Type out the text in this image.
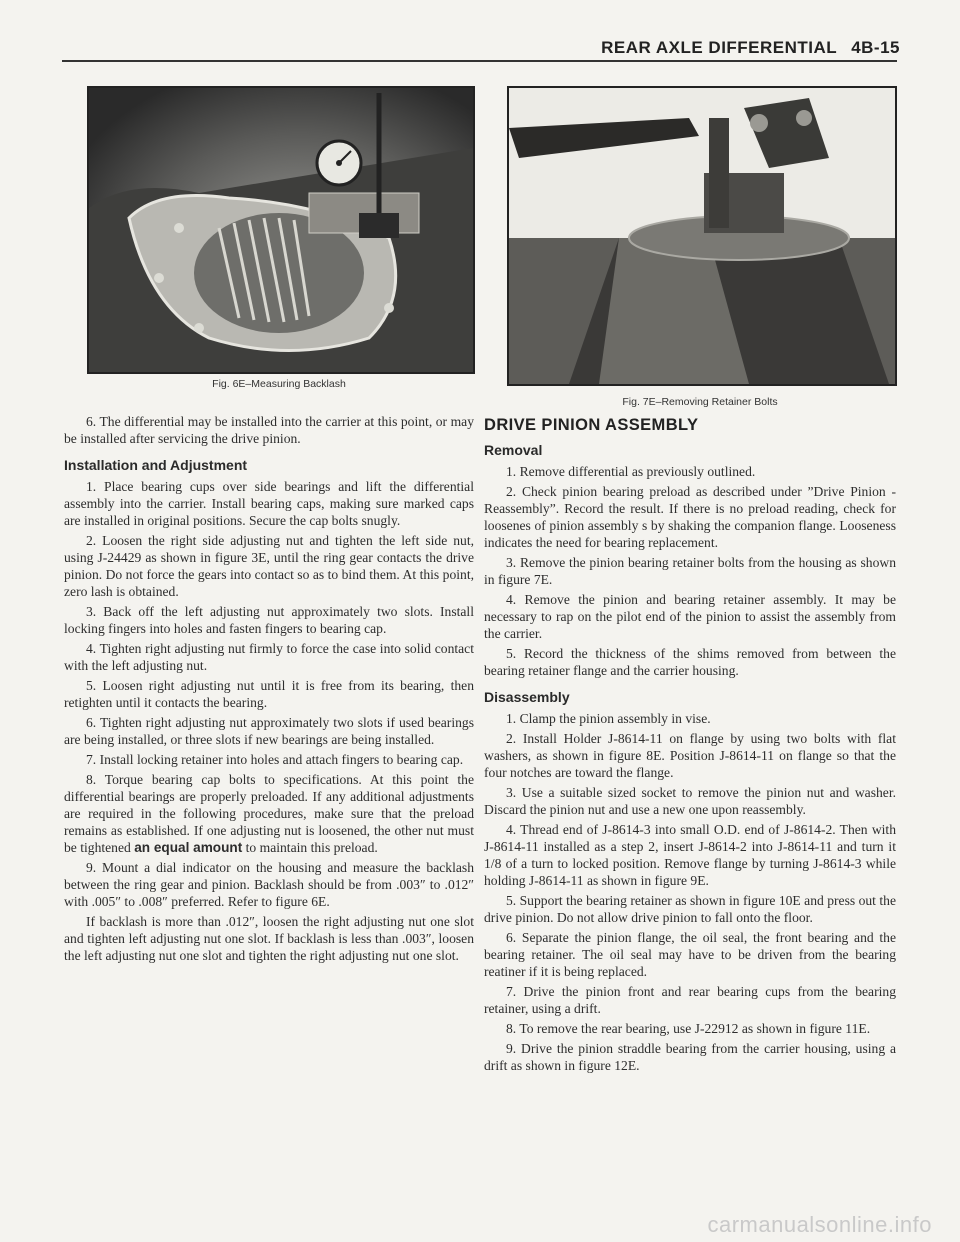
REAR AXLE DIFFERENTIAL 4B-15
Fig. 6E–Measuring Backlash
Fig. 7E–Removing Retainer Bolts

6. The differential may be installed into the carrier at this point, or may be installed after servicing the drive pinion.

Installation and Adjustment

1. Place bearing cups over side bearings and lift the differential assembly into the carrier. Install bearing caps, making sure marked caps are installed in original positions. Secure the cap bolts snugly.

2. Loosen the right side adjusting nut and tighten the left side nut, using J-24429 as shown in figure 3E, until the ring gear contacts the drive pinion. Do not force the gears into contact so as to bind them. At this point, zero lash is obtained.

3. Back off the left adjusting nut approximately two slots. Install locking fingers into holes and fasten fingers to bearing cap.

4. Tighten right adjusting nut firmly to force the case into solid contact with the left adjusting nut.

5. Loosen right adjusting nut until it is free from its bearing, then retighten until it contacts the bearing.

6. Tighten right adjusting nut approximately two slots if used bearings are being installed, or three slots if new bearings are being installed.

7. Install locking retainer into holes and attach fingers to bearing cap.

8. Torque bearing cap bolts to specifications. At this point the differential bearings are properly preloaded. If any additional adjustments are required in the following procedures, make sure that the preload remains as established. If one adjusting nut is loosened, the other nut must be tightened an equal amount to maintain this preload.

9. Mount a dial indicator on the housing and measure the backlash between the ring gear and pinion. Backlash should be from .003″ to .012″ with .005″ to .008″ preferred. Refer to figure 6E.

If backlash is more than .012″, loosen the right adjusting nut one slot and tighten left adjusting nut one slot. If backlash is less than .003″, loosen the left adjusting nut one slot and tighten the right adjusting nut one slot.

DRIVE PINION ASSEMBLY
Removal

1. Remove differential as previously outlined.

2. Check pinion bearing preload as described under ”Drive Pinion - Reassembly”. Record the result. If there is no preload reading, check for loosenes of pinion assembly s by shaking the companion flange. Looseness indicates the need for bearing replacement.

3. Remove the pinion bearing retainer bolts from the housing as shown in figure 7E.

4. Remove the pinion and bearing retainer assembly. It may be necessary to rap on the pilot end of the pinion to assist the assembly from the carrier.

5. Record the thickness of the shims removed from between the bearing retainer flange and the carrier housing.

Disassembly

1. Clamp the pinion assembly in vise.

2. Install Holder J-8614-11 on flange by using two bolts with flat washers, as shown in figure 8E. Position J-8614-11 on flange so that the four notches are toward the flange.

3. Use a suitable sized socket to remove the pinion nut and washer. Discard the pinion nut and use a new one upon reassembly.

4. Thread end of J-8614-3 into small O.D. end of J-8614-2. Then with J-8614-11 installed as a step 2, insert J-8614-2 into J-8614-11 and turn it 1/8 of a turn to locked position. Remove flange by turning J-8614-3 while holding J-8614-11 as shown in figure 9E.

5. Support the bearing retainer as shown in figure 10E and press out the drive pinion. Do not allow drive pinion to fall onto the floor.

6. Separate the pinion flange, the oil seal, the front bearing and the bearing retainer. The oil seal may have to be driven from the bearing reatiner if it is being replaced.

7. Drive the pinion front and rear bearing cups from the bearing retainer, using a drift.

8. To remove the rear bearing, use J-22912 as shown in figure 11E.

9. Drive the pinion straddle bearing from the carrier housing, using a drift as shown in figure 12E.

carmanualsonline.info
